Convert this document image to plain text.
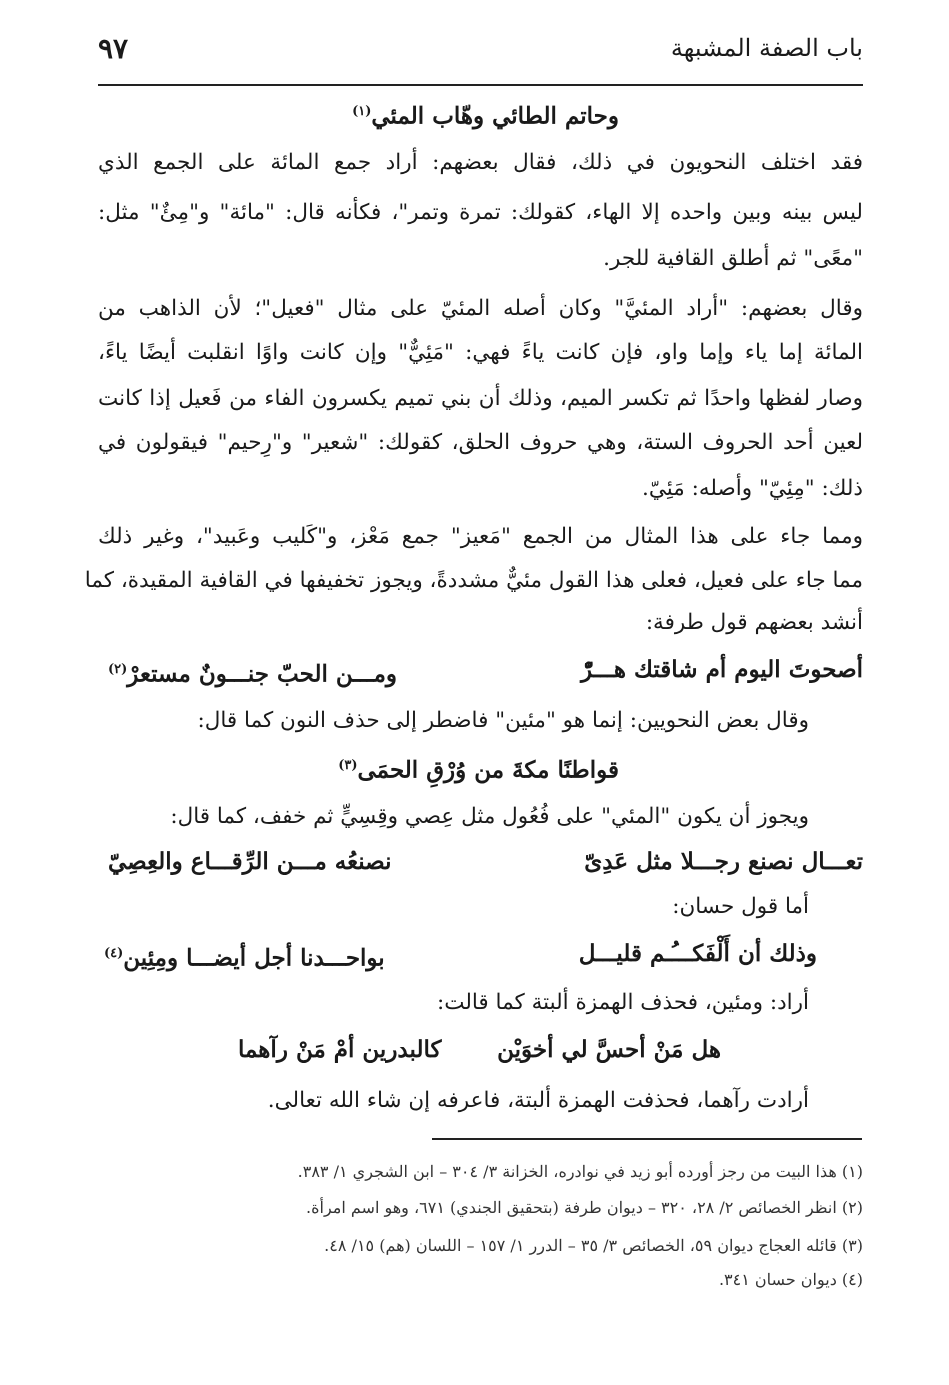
باب الصفة المشبهة
٩٧
وحاتم الطائي وهّاب المئي$^{(١)}$
فقد اختلف النحويون في ذلك، فقال بعضهم: أراد جمع المائة على الجمع الذي
ليس بينه وبين واحده إلا الهاء، كقولك: تمرة وتمر"، فكأنه قال: "مائة" و"مِئٌ" مثل:
"معًى" ثم أطلق القافية للجر.
وقال بعضهم: "أراد المئيَّ" وكان أصله المئيّ على مثال "فعيل"؛ لأن الذاهب من
المائة إما ياء وإما واو، فإن كانت ياءً فهي: "مَئِيٌّ" وإن كانت واوًا انقلبت أيضًا ياءً،
وصار لفظها واحدًا ثم تكسر الميم، وذلك أن بني تميم يكسرون الفاء من فَعيل إذا كانت
لعين أحد الحروف الستة، وهي حروف الحلق، كقولك: "شعير" و"رِحيم" فيقولون في
ذلك: "مِئِيّ" وأصله: مَئِيّ.
ومما جاء على هذا المثال من الجمع "مَعيز" جمع مَعْز، و"كَليب وعَبيد"، وغير ذلك
مما جاء على فعيل، فعلى هذا القول مئيٌّ مشددةً، ويجوز تخفيفها في القافية المقيدة، كما
أنشد بعضهم قول طرفة:
أصحوتَ اليوم أم شاقتك هـــرّْ
ومـــن الحبّ جنـــونٌ مستعرْ$^{(٢)}$
وقال بعض النحويين: إنما هو "مئين" فاضطر إلى حذف النون كما قال:
قواطنًا مكةَ من وُرْقِ الحمَى$^{(٣)}$
ويجوز أن يكون "المئي" على فُعُول مثل عِصي وقِسِيٍّ ثم خفف، كما قال:
تعـــال نصنع رجـــلا مثل عَدِىّ
نصنعُه مـــن الرِّقـــاع والعِصِيّ
أما قول حسان:
وذلك أن أَلْفَكـــُـم قليـــل
بواحـــدنا أجل أيضـــا ومِئِين$^{(٤)}$
أراد: ومئين، فحذف الهمزة ألبتة كما قالت:
هل مَنْ أحسَّ لي أخوَيْن
كالبدرين أمْ مَنْ رآهما
أرادت رآهما، فحذفت الهمزة ألبتة، فاعرفه إن شاء الله تعالى.
(١) هذا البيت من رجز أورده أبو زيد في نوادره، الخزانة ٣/ ٣٠٤ – ابن الشجري ١/ ٣٨٣.
(٢) انظر الخصائص ٢/ ٢٨، ٣٢٠ – ديوان طرفة (بتحقيق الجندي) ٦٧١، وهو اسم امرأة.
(٣) قائله العجاج ديوان ٥٩، الخصائص ٣/ ٣٥ – الدرر ١/ ١٥٧ – اللسان (هم) ١٥/ ٤٨.
(٤) ديوان حسان ٣٤١.
